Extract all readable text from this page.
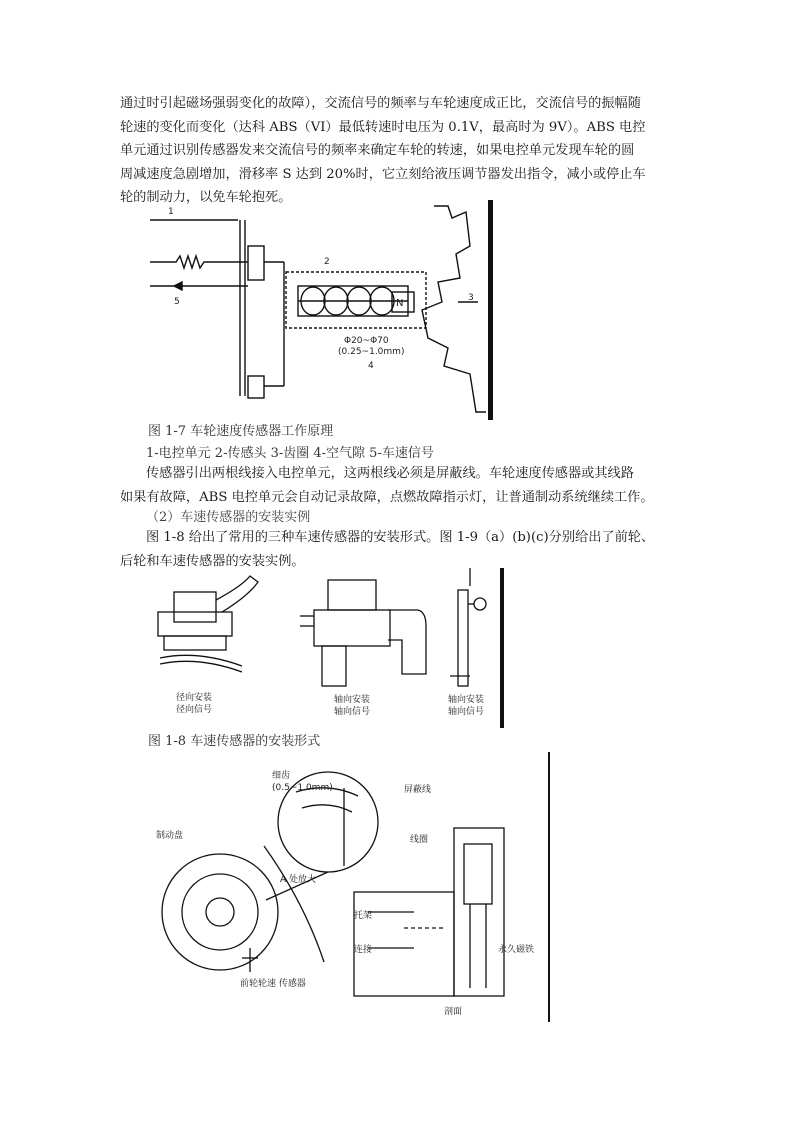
通过时引起磁场强弱变化的故障），交流信号的频率与车轮速度成正比，交流信号的振幅随
轮速的变化而变化（达科 ABS（VI）最低转速时电压为 0.1V，最高时为 9V）。ABS 电控
单元通过识别传感器发来交流信号的频率来确定车轮的转速，如果电控单元发现车轮的圆
周减速度急剧增加，滑移率 S 达到 20%时，它立刻给液压调节器发出指令，减小或停止车
轮的制动力，以免车轮抱死。

1
2
3
5	N
Φ20~Φ70
(0.25~1.0mm)
4
图 1-7 车轮速度传感器工作原理
1-电控单元 2-传感头 3-齿圈 4-空气隙 5-车速信号

传感器引出两根线接入电控单元，这两根线必须是屏蔽线。车轮速度传感器或其线路
如果有故障，ABS 电控单元会自动记录故障，点燃故障指示灯，让普通制动系统继续工作。

（2）车速传感器的安装实例

图 1-8 给出了常用的三种车速传感器的安装形式。图 1-9（a）(b)(c)分别给出了前轮、
后轮和车速传感器的安装实例。

径向安装
径向信号
轴向安装
轴向信号
轴向安装
轴向信号
图 1-8 车速传感器的安装形式
细齿
(0.5~1.0mm)	屏蔽线
制动盘	线圈
A 处放大
托架
连接	永久磁铁
前轮轮速 传感器
剖面
